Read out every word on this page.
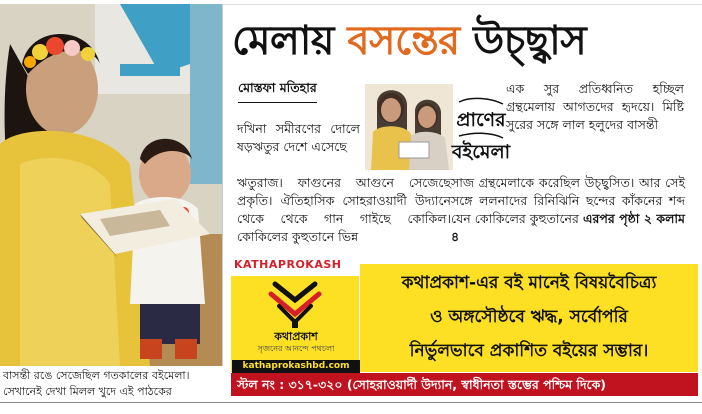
বাসন্তী রঙে সেজেছিল গতকালের বইমেলা। সেখানেই দেখা মিলল খুদে এই পাঠকের
মেলায় বসন্তের উচ্ছ্বাস
মোস্তফা মতিহার
দখিনা সমীরণের দোলে ষড়ঋতুর দেশে এসেছে
ঋতুরাজ। ফাগুনের আগুনে সেজেছে প্রকৃতি। ঐতিহাসিক সোহরাওয়ার্দী উদ্যানে থেকে থেকে গান গাইছে কোকিল। কোকিলের কুহুতানে ভিন্ন
এক সুর প্রতিধ্বনিত হচ্ছিল গ্রন্থমেলায় আগতদের হৃদয়ে। মিষ্টি সুরের সঙ্গে লাল হলুদের বাসন্তী
সাজ গ্রন্থমেলাকে করেছিল উচ্ছ্বসিত। আর সেই সঙ্গে ললনাদের রিনিঝিনি ছন্দের কাঁকনের শব্দ যেন কোকিলের কুহুতানের এরপর পৃষ্ঠা ২ কলাম ৪
প্রাণের
বইমেলা
KATHAPROKASH
কথাপ্রকাশ
সৃজনের আনন্দে পথচলা
kathaprokashbd.com
কথাপ্রকাশ-এর বই মানেই বিষয়বৈচিত্র্য
ও অঙ্গসৌষ্ঠবে ঋদ্ধ, সর্বোপরি
নির্ভুলভাবে প্রকাশিত বইয়ের সম্ভার।
স্টল নং : ৩১৭-৩২০ (সোহরাওয়ার্দী উদ্যান, স্বাধীনতা স্তম্ভের পশ্চিম দিকে)
